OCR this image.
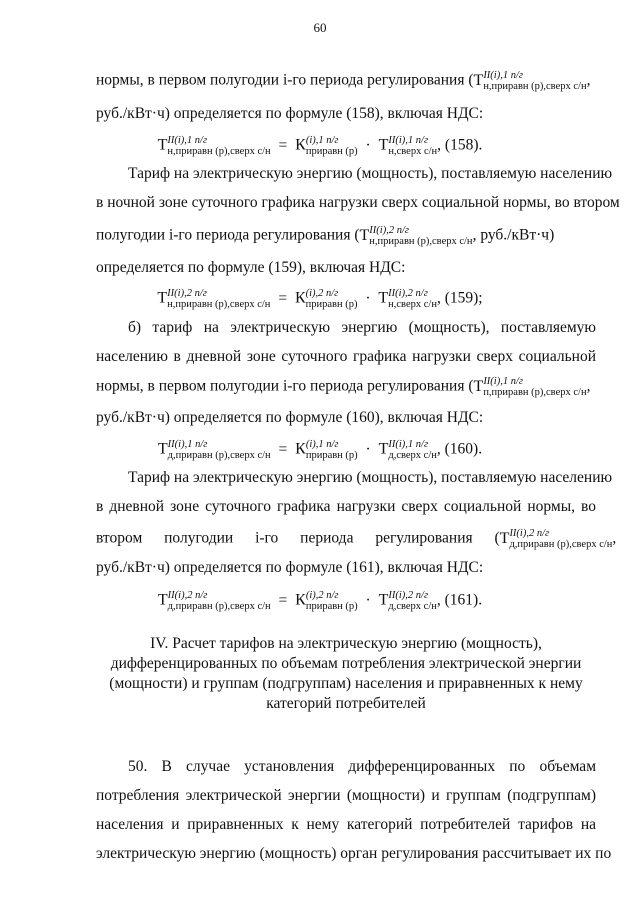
60
нормы, в первом полугодии i-го периода регулирования (Т II(i),1 п/г
н,приравн (р),сверх с/н ,
руб./кВт·ч) определяется по формуле (158), включая НДС:
Т II(i),1 п/г
н,приравн (р),сверх с/н = К (i),1 п/г
приравн (р) · Т II(i),1 п/г
н,сверх с/н , (158).
Тариф на электрическую энергию (мощность), поставляемую населению
в ночной зоне суточного графика нагрузки сверх социальной нормы, во втором
полугодии i-го периода регулирования (Т II(i),2 п/г
н,приравн (р),сверх с/н , руб./кВт·ч)
определяется по формуле (159), включая НДС:
Т II(i),2 п/г
н,приравн (р),сверх с/н = К (i),2 п/г
приравн (р) · Т II(i),2 п/г
н,сверх с/н , (159);
б) тариф на электрическую энергию (мощность), поставляемую
населению в дневной зоне суточного графика нагрузки сверх социальной
нормы, в первом полугодии i-го периода регулирования (Т II(i),1 п/г
п,приравн (р),сверх с/н ,
руб./кВт·ч) определяется по формуле (160), включая НДС:
Т II(i),1 п/г
д,приравн (р),сверх с/н = К (i),1 п/г
приравн (р) · Т II(i),1 п/г
д,сверх с/н , (160).
Тариф на электрическую энергию (мощность), поставляемую населению
в дневной зоне суточного графика нагрузки сверх социальной нормы, во
втором полугодии i-го периода регулирования (Т II(i),2 п/г
д,приравн (р),сверх с/н ,
руб./кВт·ч) определяется по формуле (161), включая НДС:
Т II(i),2 п/г
д,приравн (р),сверх с/н = К (i),2 п/г
приравн (р) · Т II(i),2 п/г
д,сверх с/н , (161).
IV. Расчет тарифов на электрическую энергию (мощность),
дифференцированных по объемам потребления электрической энергии
(мощности) и группам (подгруппам) населения и приравненных к нему
категорий потребителей
50. В случае установления дифференцированных по объемам
потребления электрической энергии (мощности) и группам (подгруппам)
населения и приравненных к нему категорий потребителей тарифов на
электрическую энергию (мощность) орган регулирования рассчитывает их по
